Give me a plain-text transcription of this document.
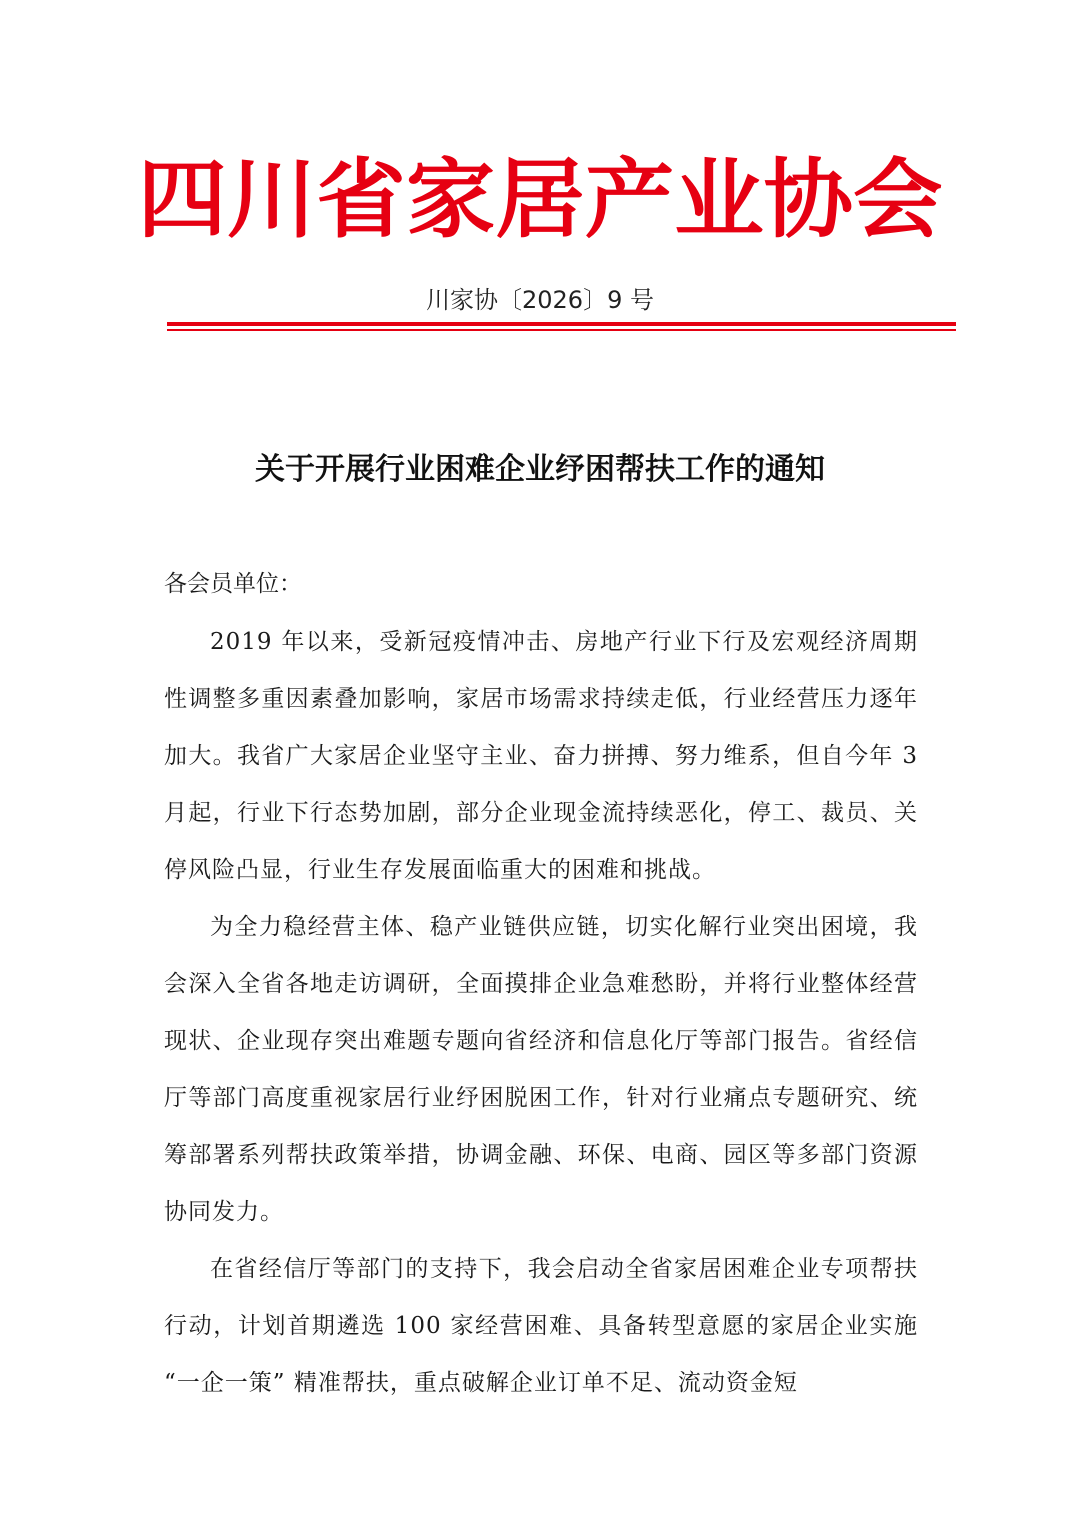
四川省家居产业协会
川家协〔2026〕9 号
关于开展行业困难企业纾困帮扶工作的通知
各会员单位：

2019 年以来，受新冠疫情冲击、房地产行业下行及宏观经济周期性调整多重因素叠加影响，家居市场需求持续走低，行业经营压力逐年加大。我省广大家居企业坚守主业、奋力拼搏、努力维系，但自今年 3 月起，行业下行态势加剧，部分企业现金流持续恶化，停工、裁员、关停风险凸显，行业生存发展面临重大的困难和挑战。

为全力稳经营主体、稳产业链供应链，切实化解行业突出困境，我会深入全省各地走访调研，全面摸排企业急难愁盼，并将行业整体经营现状、企业现存突出难题专题向省经济和信息化厅等部门报告。省经信厅等部门高度重视家居行业纾困脱困工作，针对行业痛点专题研究、统筹部署系列帮扶政策举措，协调金融、环保、电商、园区等多部门资源协同发力。

在省经信厅等部门的支持下，我会启动全省家居困难企业专项帮扶行动，计划首期遴选 100 家经营困难、具备转型意愿的家居企业实施 “一企一策” 精准帮扶，重点破解企业订单不足、流动资金短
